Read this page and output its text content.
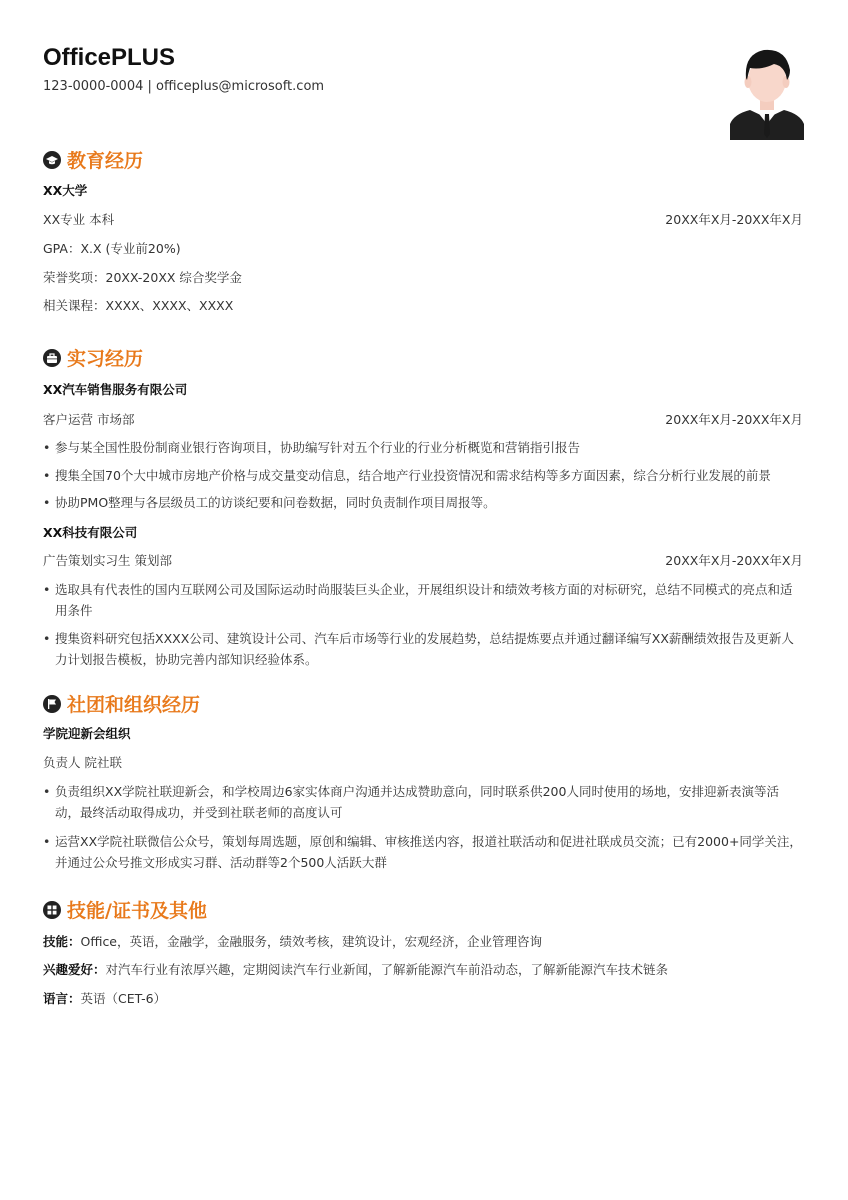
OfficePLUS
123-0000-0004 | officeplus@microsoft.com
教育经历
XX大学
XX专业 本科	20XX年X月-20XX年X月
GPA：X.X (专业前20%)
荣誉奖项：20XX-20XX 综合奖学金
相关课程：XXXX、XXXX、XXXX
实习经历
XX汽车销售服务有限公司
客户运营 市场部	20XX年X月-20XX年X月
• 参与某全国性股份制商业银行咨询项目，协助编写针对五个行业的行业分析概览和营销指引报告
• 搜集全国70个大中城市房地产价格与成交量变动信息，结合地产行业投资情况和需求结构等多方面因素，综合分析行业发展的前景
• 协助PMO整理与各层级员工的访谈纪要和问卷数据，同时负责制作项目周报等。
XX科技有限公司
广告策划实习生 策划部	20XX年X月-20XX年X月
• 选取具有代表性的国内互联网公司及国际运动时尚服装巨头企业，开展组织设计和绩效考核方面的对标研究，总结不同模式的亮点和适用条件
• 搜集资料研究包括XXXX公司、建筑设计公司、汽车后市场等行业的发展趋势，总结提炼要点并通过翻译编写XX薪酬绩效报告及更新人力计划报告模板，协助完善内部知识经验体系。
社团和组织经历
学院迎新会组织
负责人 院社联
• 负责组织XX学院社联迎新会，和学校周边6家实体商户沟通并达成赞助意向，同时联系供200人同时使用的场地，安排迎新表演等活动，最终活动取得成功，并受到社联老师的高度认可
• 运营XX学院社联微信公众号，策划每周选题，原创和编辑、审核推送内容，报道社联活动和促进社联成员交流；已有2000+同学关注，并通过公众号推文形成实习群、活动群等2个500人活跃大群
技能/证书及其他
技能：Office，英语，金融学，金融服务，绩效考核，建筑设计，宏观经济，企业管理咨询
兴趣爱好：对汽车行业有浓厚兴趣，定期阅读汽车行业新闻，了解新能源汽车前沿动态，了解新能源汽车技术链条
语言：英语（CET-6）
